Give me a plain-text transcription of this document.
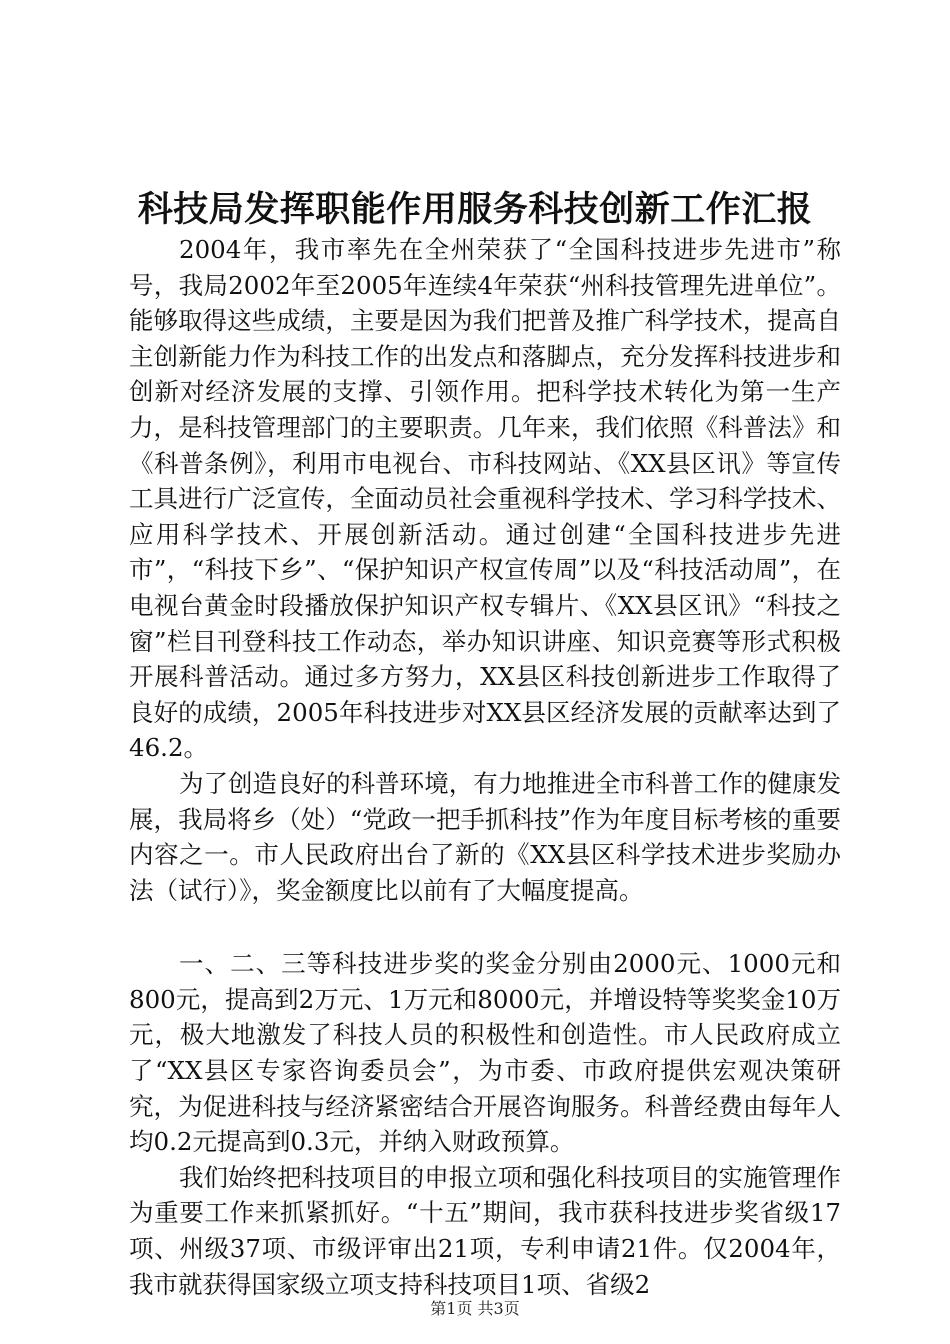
科技局发挥职能作用服务科技创新工作汇报

2004年，我市率先在全州荣获了“全国科技进步先进市”称号，我局2002年至2005年连续4年荣获“州科技管理先进单位”。能够取得这些成绩，主要是因为我们把普及推广科学技术，提高自主创新能力作为科技工作的出发点和落脚点，充分发挥科技进步和创新对经济发展的支撑、引领作用。把科学技术转化为第一生产力，是科技管理部门的主要职责。几年来，我们依照《科普法》和《科普条例》，利用市电视台、市科技网站、《XX县区讯》等宣传工具进行广泛宣传，全面动员社会重视科学技术、学习科学技术、应用科学技术、开展创新活动。通过创建“全国科技进步先进市”，“科技下乡”、“保护知识产权宣传周”以及“科技活动周”，在电视台黄金时段播放保护知识产权专辑片、《XX县区讯》“科技之窗”栏目刊登科技工作动态，举办知识讲座、知识竞赛等形式积极开展科普活动。通过多方努力，XX县区科技创新进步工作取得了良好的成绩，2005年科技进步对XX县区经济发展的贡献率达到了46.2。

为了创造良好的科普环境，有力地推进全市科普工作的健康发展，我局将乡（处）“党政一把手抓科技”作为年度目标考核的重要内容之一。市人民政府出台了新的《XX县区科学技术进步奖励办法（试行）》，奖金额度比以前有了大幅度提高。

一、二、三等科技进步奖的奖金分别由2000元、1000元和800元，提高到2万元、1万元和8000元，并增设特等奖奖金10万元，极大地激发了科技人员的积极性和创造性。市人民政府成立了“XX县区专家咨询委员会”，为市委、市政府提供宏观决策研究，为促进科技与经济紧密结合开展咨询服务。科普经费由每年人均0.2元提高到0.3元，并纳入财政预算。

我们始终把科技项目的申报立项和强化科技项目的实施管理作为重要工作来抓紧抓好。“十五”期间，我市获科技进步奖省级17项、州级37项、市级评审出21项，专利申请21件。仅2004年，我市就获得国家级立项支持科技项目1项、省级2

第1页 共3页
